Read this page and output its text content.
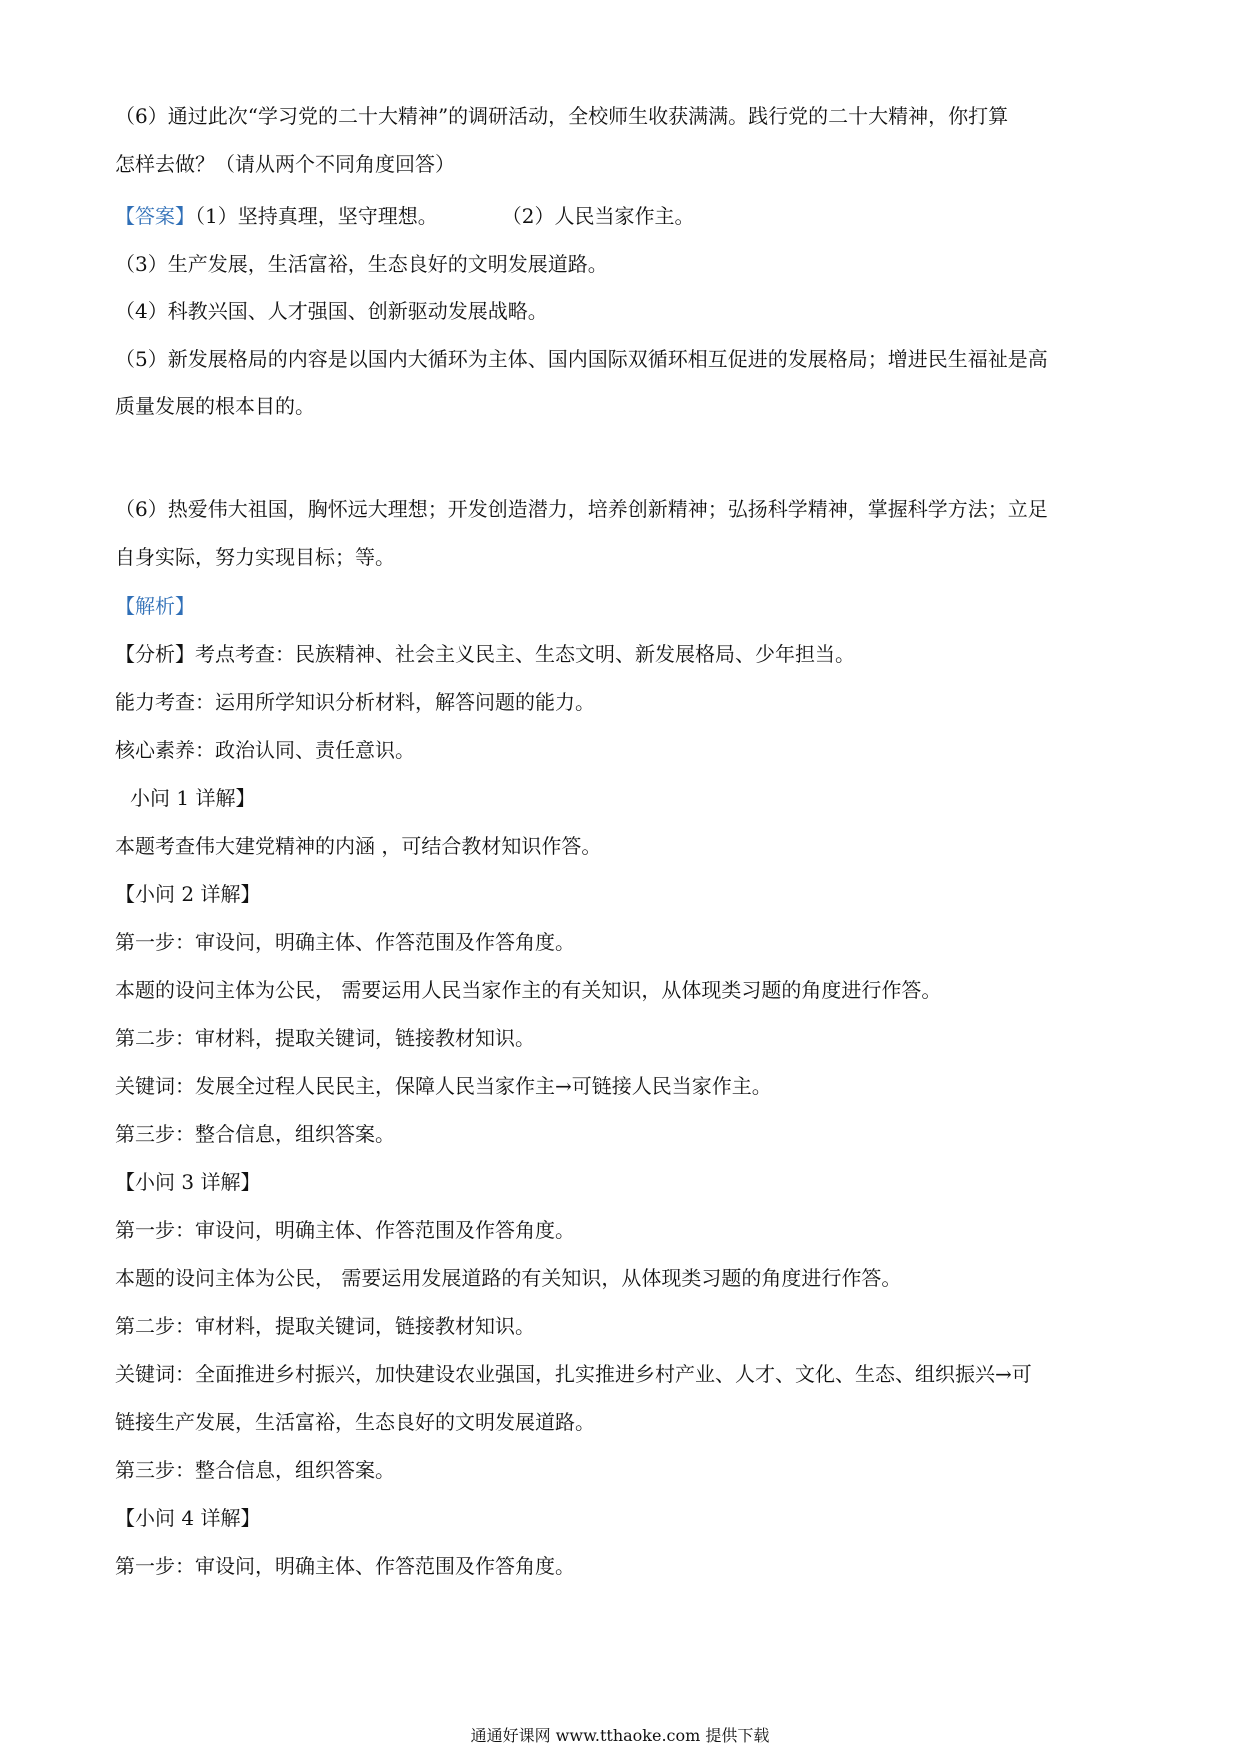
（6）通过此次“学习党的二十大精神”的调研活动，全校师生收获满满。践行党的二十大精神，你打算
怎样去做？（请从两个不同角度回答）
【答案】（1）坚持真理，坚守理想。	（2）人民当家作主。
（3）生产发展，生活富裕，生态良好的文明发展道路。
（4）科教兴国、人才强国、创新驱动发展战略。
（5）新发展格局的内容是以国内大循环为主体、国内国际双循环相互促进的发展格局；增进民生福祉是高
质量发展的根本目的。
（6）热爱伟大祖国，胸怀远大理想；开发创造潜力，培养创新精神；弘扬科学精神，掌握科学方法；立足
自身实际，努力实现目标；等。
【解析】
【分析】考点考查：民族精神、社会主义民主、生态文明、新发展格局、少年担当。
能力考查：运用所学知识分析材料，解答问题的能力。
核心素养：政治认同、责任意识。
小问 1 详解】
本题考查伟大建党精神的内涵 ，可结合教材知识作答。
【小问 2 详解】
第一步：审设问，明确主体、作答范围及作答角度。
本题的设问主体为公民， 需要运用人民当家作主的有关知识，从体现类习题的角度进行作答。
第二步：审材料，提取关键词，链接教材知识。
关键词：发展全过程人民民主，保障人民当家作主→可链接人民当家作主。
第三步：整合信息，组织答案。
【小问 3 详解】
第一步：审设问，明确主体、作答范围及作答角度。
本题的设问主体为公民， 需要运用发展道路的有关知识，从体现类习题的角度进行作答。
第二步：审材料，提取关键词，链接教材知识。
关键词：全面推进乡村振兴，加快建设农业强国，扎实推进乡村产业、人才、文化、生态、组织振兴→可
链接生产发展，生活富裕，生态良好的文明发展道路。
第三步：整合信息，组织答案。
【小问 4 详解】
第一步：审设问，明确主体、作答范围及作答角度。
通通好课网 www.tthaoke.com 提供下载
